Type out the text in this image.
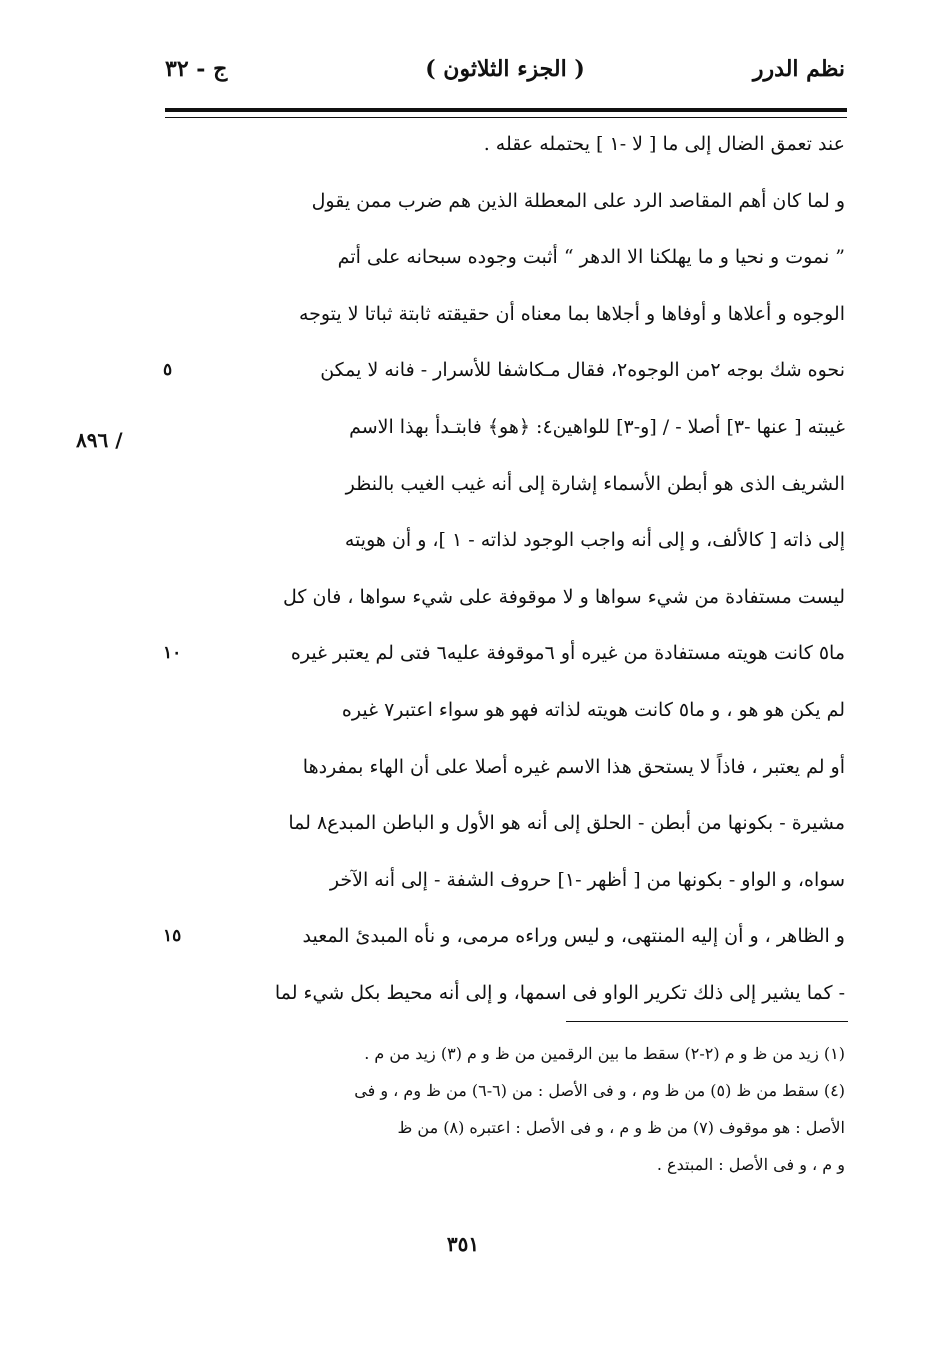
نظم الدرر
( الجزء الثلاثون )
ج - ٣٢
٨٩٦ /
عند تعمق الضال إلى ما [ لا -١ ] يحتمله عقله .
و لما كان أهم المقاصد الرد على المعطلة الذين هم ضرب ممن يقول
” نموت و نحيا و ما يهلكنا الا الدهر “ أثبت وجوده سبحانه على أتم
الوجوه و أعلاها و أوفاها و أجلاها بما معناه أن حقيقته ثابتة ثباتا لا يتوجه
نحوه شك بوجه ٢من الوجوه٢، فقال مـكاشفا للأسرار - فانه لا يمكن
٥
غيبته [ عنها -٣] أصلا - / [و-٣] للواهين٤: ﴿هو﴾ فابتـدأ بهذا الاسم
الشريف الذى هو أبطن الأسماء إشارة إلى أنه غيب الغيب بالنظر
إلى ذاته [ كالألف، و إلى أنه واجب الوجود لذاته - ١ ]، و أن هويته
ليست مستفادة من شيء سواها و لا موقوفة على شيء سواها ، فان كل
ما٥ كانت هويته مستفادة من غيره أو ٦موقوفة عليه٦ فتى لم يعتبر غيره
١٠
لم يكن هو هو ، و ما٥ كانت هويته لذاته فهو هو سواء اعتبر٧ غيره
أو لم يعتبر ، فاذاً لا يستحق هذا الاسم غيره أصلا على أن الهاء بمفردها
مشيرة - بكونها من أبطن - الحلق إلى أنه هو الأول و الباطن المبدع٨ لما
سواه، و الواو - بكونها من [ أظهر -١] حروف الشفة - إلى أنه الآخر
و الظاهر ، و أن إليه المنتهى، و ليس وراءه مرمى، و نأه المبدئ المعيد
١٥
- كما يشير إلى ذلك تكرير الواو فى اسمها، و إلى أنه محيط بكل شيء لما
(١) زيد من ظ و م (٢-٢) سقط ما بين الرقمين من ظ و م (٣) زيد من م .
(٤) سقط من ظ (٥) من ظ وم ، و فى الأصل : من (٦-٦) من ظ وم ، و فى
الأصل : هو موقوف (٧) من ظ و م ، و فى الأصل : اعتبره (٨) من ظ
و م ، و فى الأصل : المبتدع .
٣٥١
